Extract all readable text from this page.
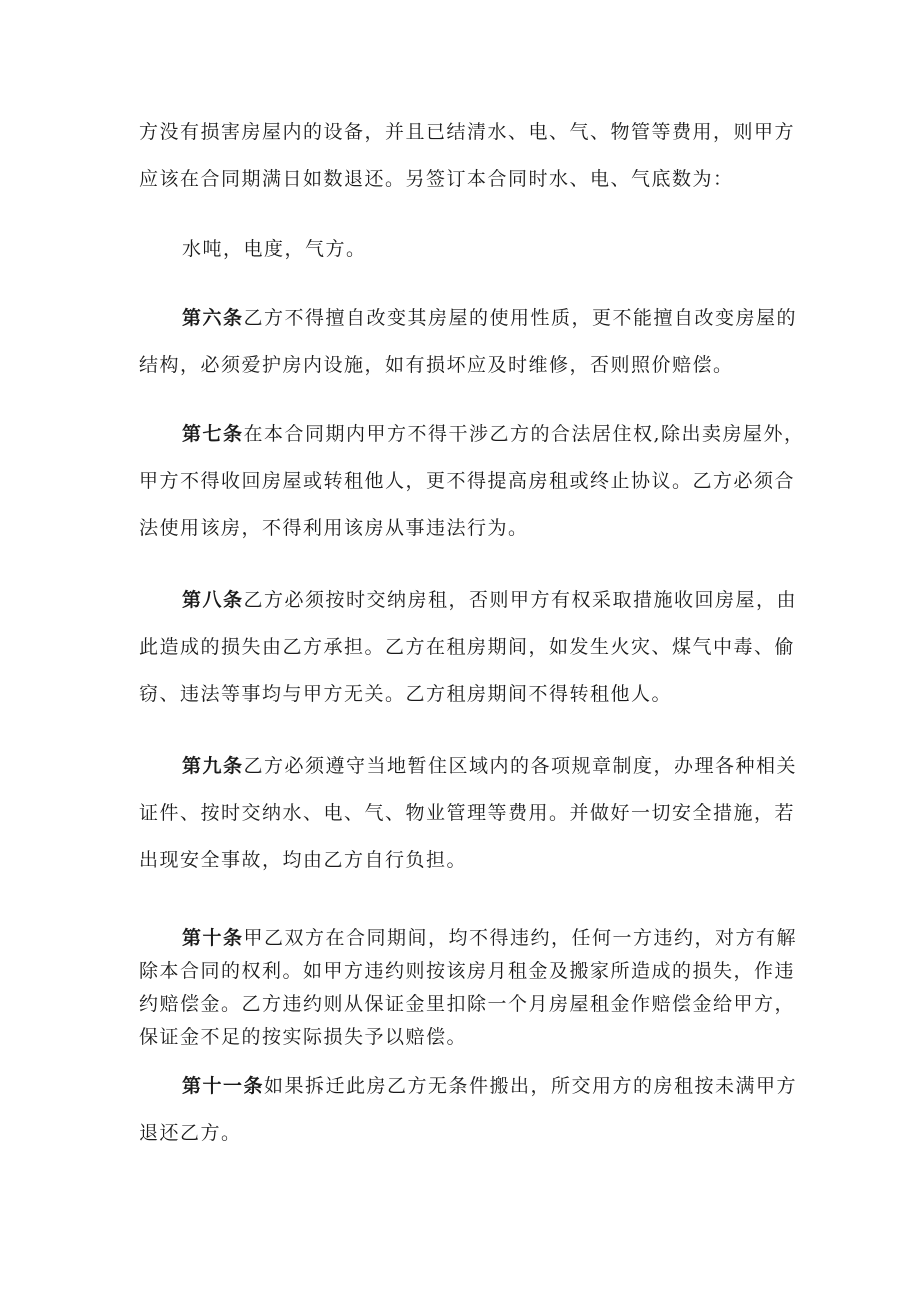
方没有损害房屋内的设备，并且已结清水、电、气、物管等费用，则甲方
应该在合同期满日如数退还。另签订本合同时水、电、气底数为：
水吨，电度，气方。
第六条乙方不得擅自改变其房屋的使用性质，更不能擅自改变房屋的
结构，必须爱护房内设施，如有损坏应及时维修，否则照价赔偿。
第七条在本合同期内甲方不得干涉乙方的合法居住权,除出卖房屋外，
甲方不得收回房屋或转租他人，更不得提高房租或终止协议。乙方必须合
法使用该房，不得利用该房从事违法行为。
第八条乙方必须按时交纳房租，否则甲方有权采取措施收回房屋，由
此造成的损失由乙方承担。乙方在租房期间，如发生火灾、煤气中毒、偷
窃、违法等事均与甲方无关。乙方租房期间不得转租他人。
第九条乙方必须遵守当地暂住区域内的各项规章制度，办理各种相关
证件、按时交纳水、电、气、物业管理等费用。并做好一切安全措施，若
出现安全事故，均由乙方自行负担。
第十条甲乙双方在合同期间，均不得违约，任何一方违约，对方有解
除本合同的权利。如甲方违约则按该房月租金及搬家所造成的损失，作违
约赔偿金。乙方违约则从保证金里扣除一个月房屋租金作赔偿金给甲方，
保证金不足的按实际损失予以赔偿。
第十一条如果拆迁此房乙方无条件搬出，所交用方的房租按未满甲方
退还乙方。
